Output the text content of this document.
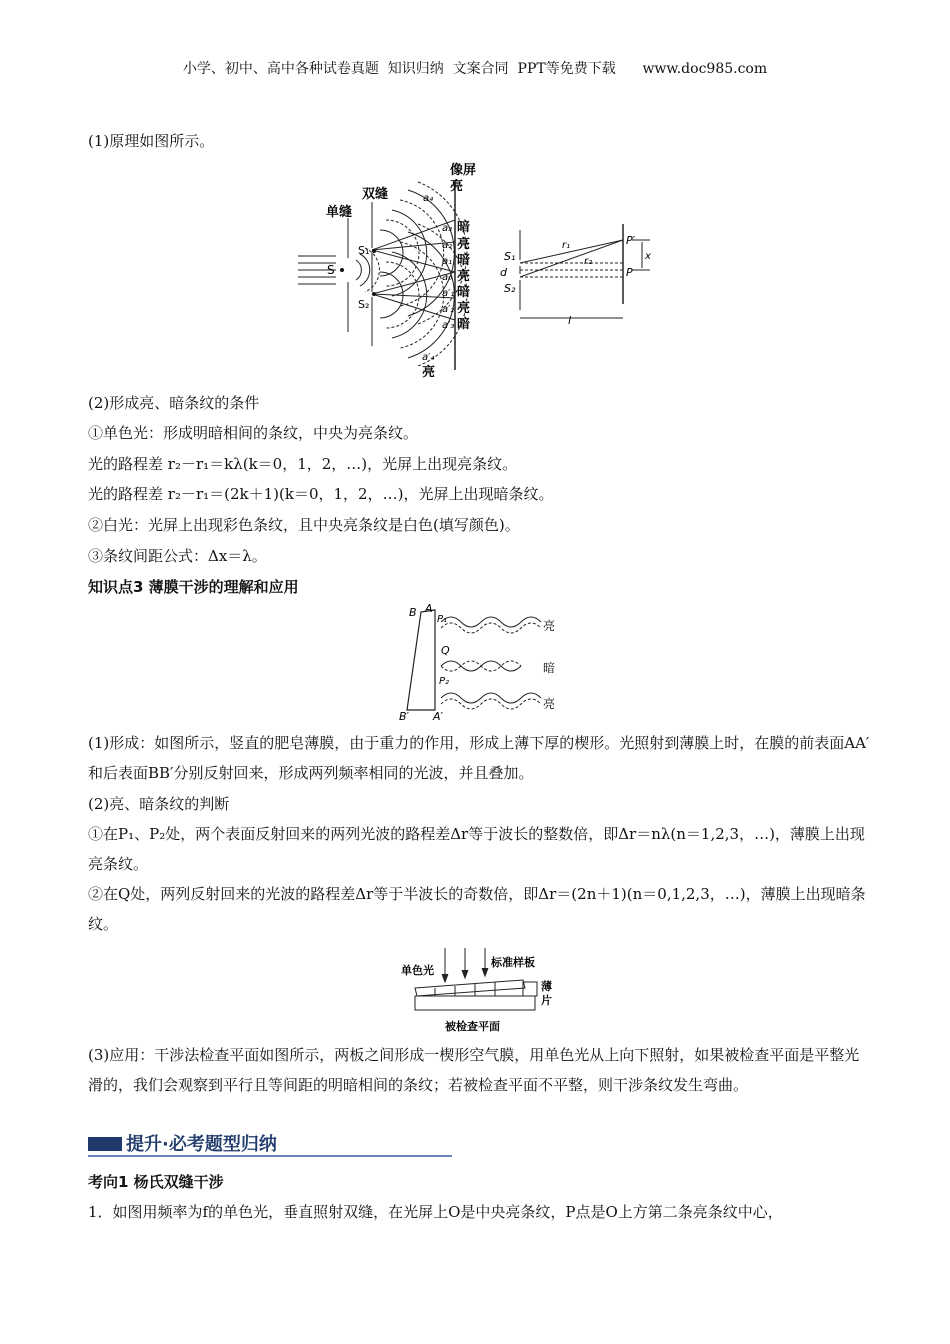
小学、初中、高中各种试卷真题  知识归纳  文案合同  PPT等免费下载      www.doc985.com
(1)原理如图所示。
S
S₁
S₂
单缝
双缝
像屏
亮
a₄
a₃ 暗
a₂ 亮
a₁ 暗
a₀ 亮
a′₁ 暗
a′₂ 亮
a′₃ 暗
a′₄
亮
S₁
S₂
d
r₁
r₂
P′
P
x
l
(2)形成亮、暗条纹的条件
①单色光：形成明暗相间的条纹，中央为亮条纹。
光的路程差 r₂－r₁＝kλ(k＝0，1，2，…)，光屏上出现亮条纹。
光的路程差 r₂－r₁＝(2k＋1)(k＝0，1，2，…)，光屏上出现暗条纹。
②白光：光屏上出现彩色条纹，且中央亮条纹是白色(填写颜色)。
③条纹间距公式：Δx＝λ。
知识点3 薄膜干涉的理解和应用
B A
P₁
Q
P₂
B′ A′
亮
暗
亮
(1)形成：如图所示，竖直的肥皂薄膜，由于重力的作用，形成上薄下厚的楔形。光照射到薄膜上时，在膜的前表面AA′和后表面BB′分别反射回来，形成两列频率相同的光波，并且叠加。
(2)亮、暗条纹的判断
①在P₁、P₂处，两个表面反射回来的两列光波的路程差Δr等于波长的整数倍，即Δr＝nλ(n＝1,2,3，…)，薄膜上出现亮条纹。
②在Q处，两列反射回来的光波的路程差Δr等于半波长的奇数倍，即Δr＝(2n＋1)(n＝0,1,2,3，…)，薄膜上出现暗条纹。
单色光
标准样板
薄
片
被检查平面
(3)应用：干涉法检查平面如图所示，两板之间形成一楔形空气膜，用单色光从上向下照射，如果被检查平面是平整光滑的，我们会观察到平行且等间距的明暗相间的条纹；若被检查平面不平整，则干涉条纹发生弯曲。
提升·必考题型归纳
考向1 杨氏双缝干涉
1．如图用频率为f的单色光，垂直照射双缝，在光屏上O是中央亮条纹，P点是O上方第二条亮条纹中心，
